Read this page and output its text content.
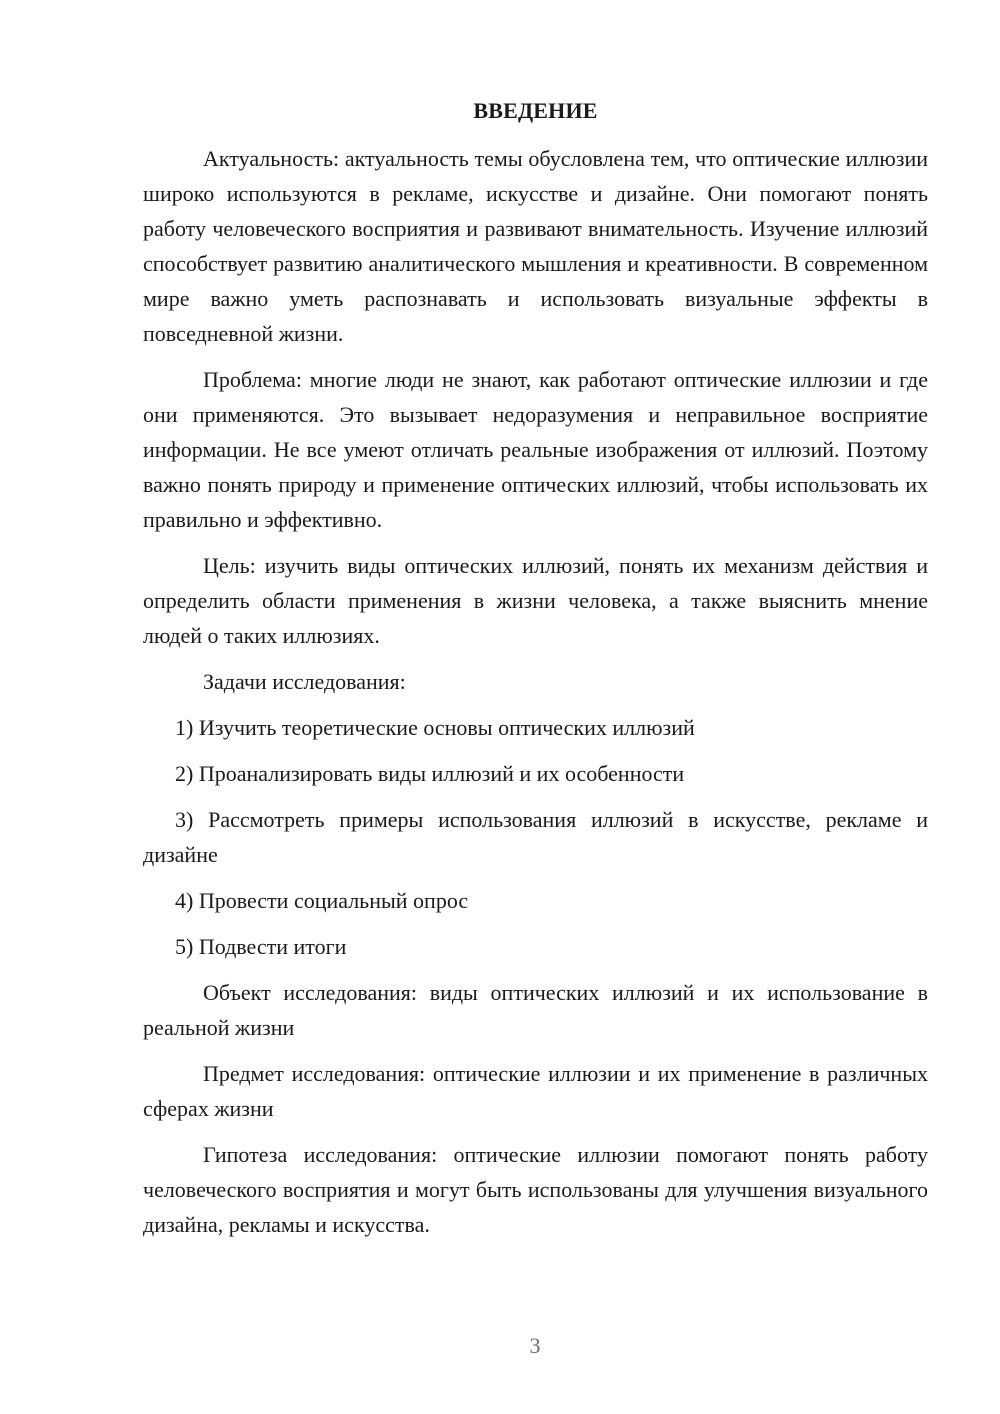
ВВЕДЕНИЕ

Актуальность: актуальность темы обусловлена тем, что оптические иллюзии широко используются в рекламе, искусстве и дизайне. Они помогают понять работу человеческого восприятия и развивают внимательность. Изучение иллюзий способствует развитию аналитического мышления и креативности. В современном мире важно уметь распознавать и использовать визуальные эффекты в повседневной жизни.

Проблема: многие люди не знают, как работают оптические иллюзии и где они применяются. Это вызывает недоразумения и неправильное восприятие информации. Не все умеют отличать реальные изображения от иллюзий. Поэтому важно понять природу и применение оптических иллюзий, чтобы использовать их правильно и эффективно.

Цель: изучить виды оптических иллюзий, понять их механизм действия и определить области применения в жизни человека, а также выяснить мнение людей о таких иллюзиях.

Задачи исследования:

1) Изучить теоретические основы оптических иллюзий

2) Проанализировать виды иллюзий и их особенности

3) Рассмотреть примеры использования иллюзий в искусстве, рекламе и дизайне

4) Провести социальный опрос

5) Подвести итоги

Объект исследования: виды оптических иллюзий и их использование в реальной жизни

Предмет исследования: оптические иллюзии и их применение в различных сферах жизни

Гипотеза исследования: оптические иллюзии помогают понять работу человеческого восприятия и могут быть использованы для улучшения визуального дизайна, рекламы и искусства.

3
